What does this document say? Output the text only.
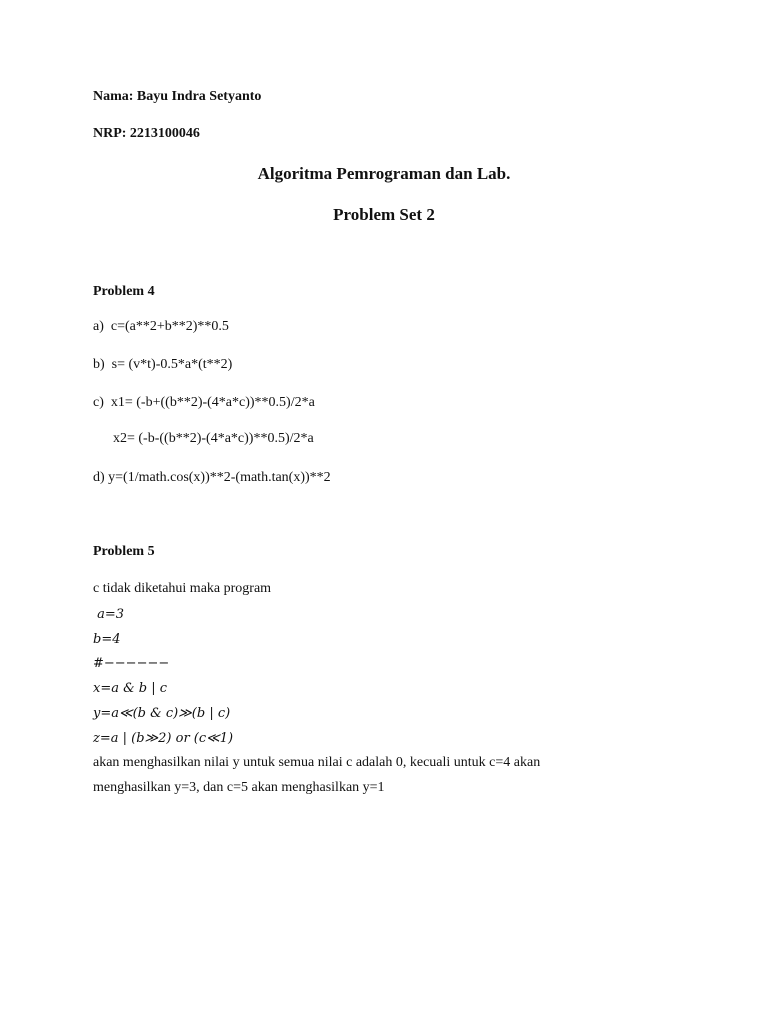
Nama: Bayu Indra Setyanto
NRP: 2213100046
Algoritma Pemrograman dan Lab.
Problem Set 2
Problem 4
a)  c=(a**2+b**2)**0.5
b)  s= (v*t)-0.5*a*(t**2)
c)  x1= (-b+((b**2)-(4*a*c))**0.5)/2*a
x2= (-b-((b**2)-(4*a*c))**0.5)/2*a
d) y=(1/math.cos(x))**2-(math.tan(x))**2
Problem 5
c tidak diketahui maka program
a=3
b=4
#−−−−−−
x=a & b | c
y=a≪(b & c)≫(b | c)
z=a | (b≫2) or (c≪1)
akan menghasilkan nilai y untuk semua nilai c adalah 0, kecuali untuk c=4 akan
menghasilkan y=3, dan c=5 akan menghasilkan y=1
